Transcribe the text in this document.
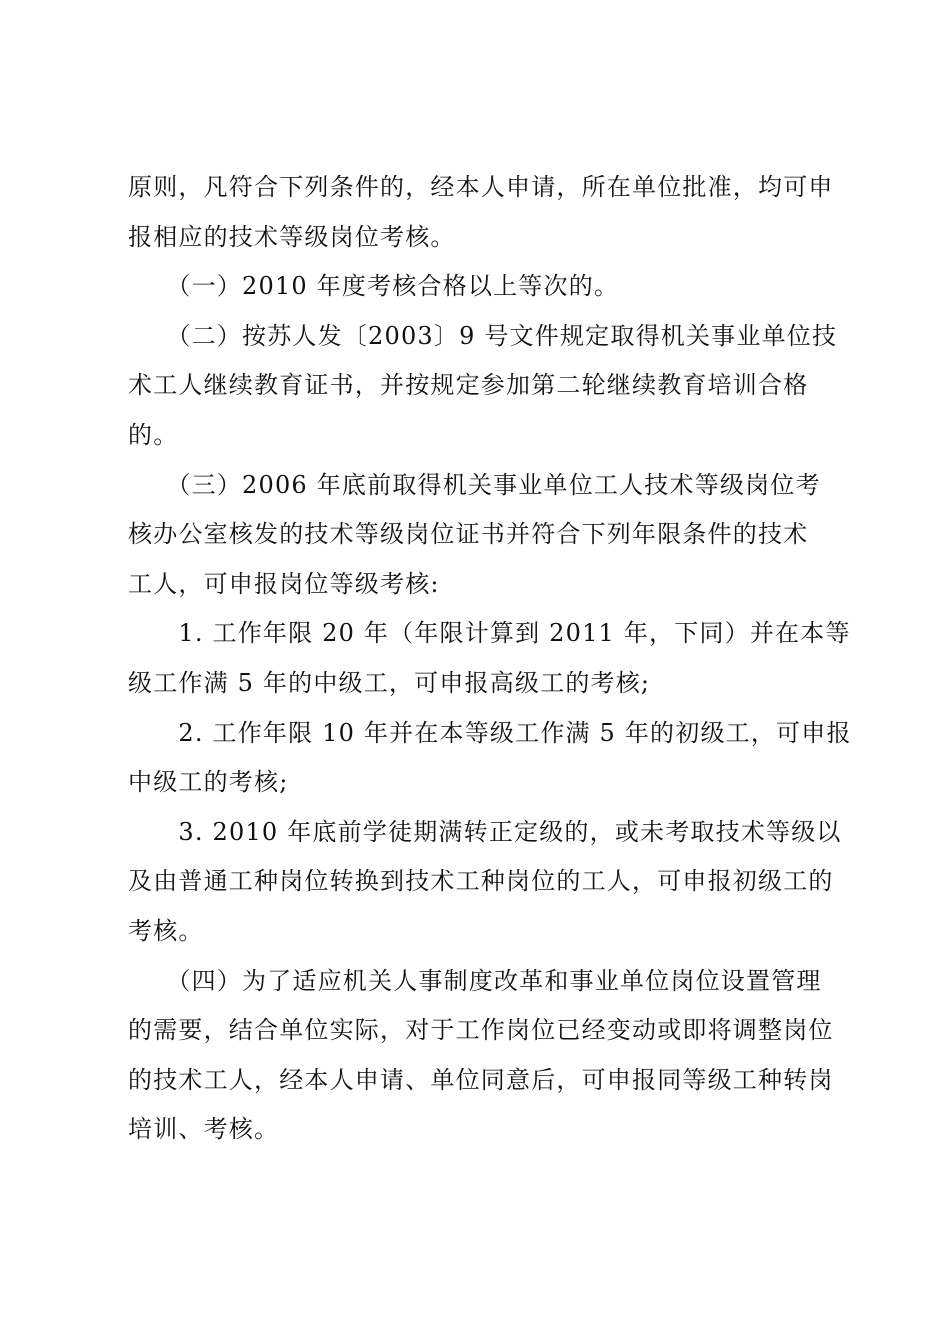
原则，凡符合下列条件的，经本人申请，所在单位批准，均可申
报相应的技术等级岗位考核。
　　（一）2010 年度考核合格以上等次的。
　　（二）按苏人发〔2003〕9 号文件规定取得机关事业单位技
术工人继续教育证书，并按规定参加第二轮继续教育培训合格
的。
　　（三）2006 年底前取得机关事业单位工人技术等级岗位考
核办公室核发的技术等级岗位证书并符合下列年限条件的技术
工人，可申报岗位等级考核:
　　1. 工作年限 20 年（年限计算到 2011 年，下同）并在本等
级工作满 5 年的中级工，可申报高级工的考核;
　　2. 工作年限 10 年并在本等级工作满 5 年的初级工，可申报
中级工的考核;
　　3. 2010 年底前学徒期满转正定级的，或未考取技术等级以
及由普通工种岗位转换到技术工种岗位的工人，可申报初级工的
考核。
　　（四）为了适应机关人事制度改革和事业单位岗位设置管理
的需要，结合单位实际，对于工作岗位已经变动或即将调整岗位
的技术工人，经本人申请、单位同意后，可申报同等级工种转岗
培训、考核。
